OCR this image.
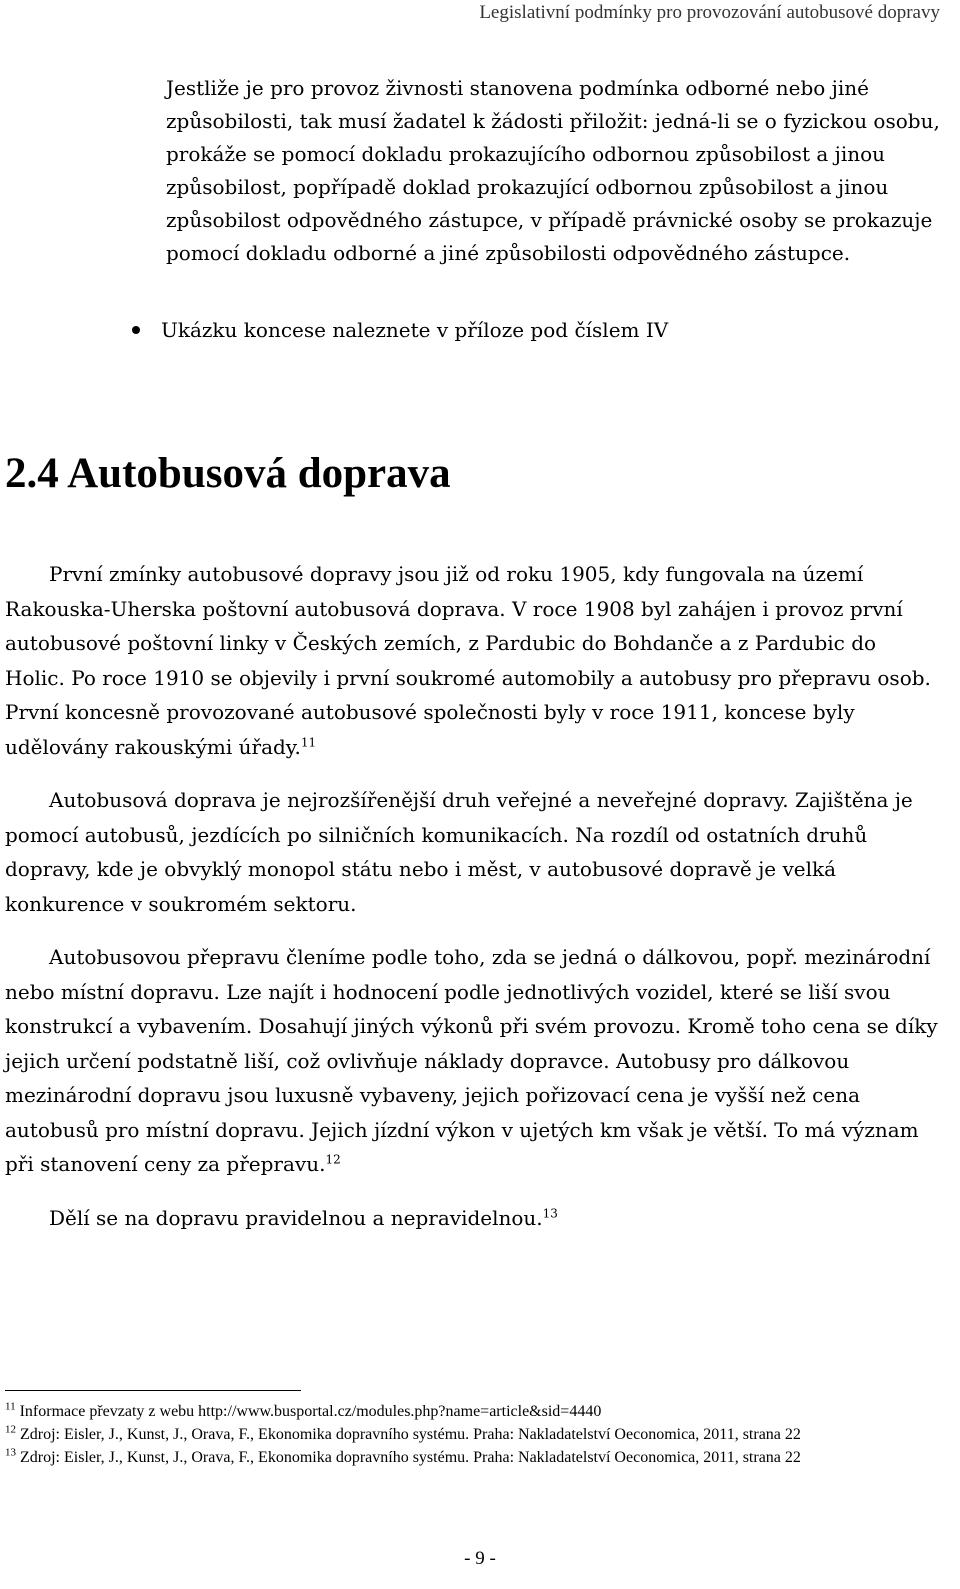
Legislativní podmínky pro provozování autobusové dopravy

Jestliže je pro provoz živnosti stanovena podmínka odborné nebo jiné způsobilosti, tak musí žadatel k žádosti přiložit: jedná-li se o fyzickou osobu, prokáže se pomocí dokladu prokazujícího odbornou způsobilost a jinou způsobilost, popřípadě doklad prokazující odbornou způsobilost a jinou způsobilost odpovědného zástupce, v případě právnické osoby se prokazuje pomocí dokladu odborné a jiné způsobilosti odpovědného zástupce.

Ukázku koncese naleznete v příloze pod číslem IV
2.4 Autobusová doprava

První zmínky autobusové dopravy jsou již od roku 1905, kdy fungovala na území Rakouska-Uherska poštovní autobusová doprava. V roce 1908 byl zahájen i provoz první autobusové poštovní linky v Českých zemích, z Pardubic do Bohdanče a z Pardubic do Holic. Po roce 1910 se objevily i první soukromé automobily a autobusy pro přepravu osob. První koncesně provozované autobusové společnosti byly v roce 1911, koncese byly udělovány rakouskými úřady.$^{11}$

Autobusová doprava je nejrozšířenější druh veřejné a neveřejné dopravy. Zajištěna je pomocí autobusů, jezdících po silničních komunikacích. Na rozdíl od ostatních druhů dopravy, kde je obvyklý monopol státu nebo i měst, v autobusové dopravě je velká konkurence v soukromém sektoru.

Autobusovou přepravu členíme podle toho, zda se jedná o dálkovou, popř. mezinárodní nebo místní dopravu. Lze najít i hodnocení podle jednotlivých vozidel, které se liší svou konstrukcí a vybavením. Dosahují jiných výkonů při svém provozu. Kromě toho cena se díky jejich určení podstatně liší, což ovlivňuje náklady dopravce. Autobusy pro dálkovou mezinárodní dopravu jsou luxusně vybaveny, jejich pořizovací cena je vyšší než cena autobusů pro místní dopravu. Jejich jízdní výkon v ujetých km však je větší. To má význam při stanovení ceny za přepravu.$^{12}$

Dělí se na dopravu pravidelnou a nepravidelnou.$^{13}$

$^{11}$ Informace převzaty z webu http://www.busportal.cz/modules.php?name=article&sid=4440

$^{12}$ Zdroj: Eisler, J., Kunst, J., Orava, F., Ekonomika dopravního systému. Praha: Nakladatelství Oeconomica, 2011, strana 22

$^{13}$ Zdroj: Eisler, J., Kunst, J., Orava, F., Ekonomika dopravního systému. Praha: Nakladatelství Oeconomica, 2011, strana 22

- 9 -
